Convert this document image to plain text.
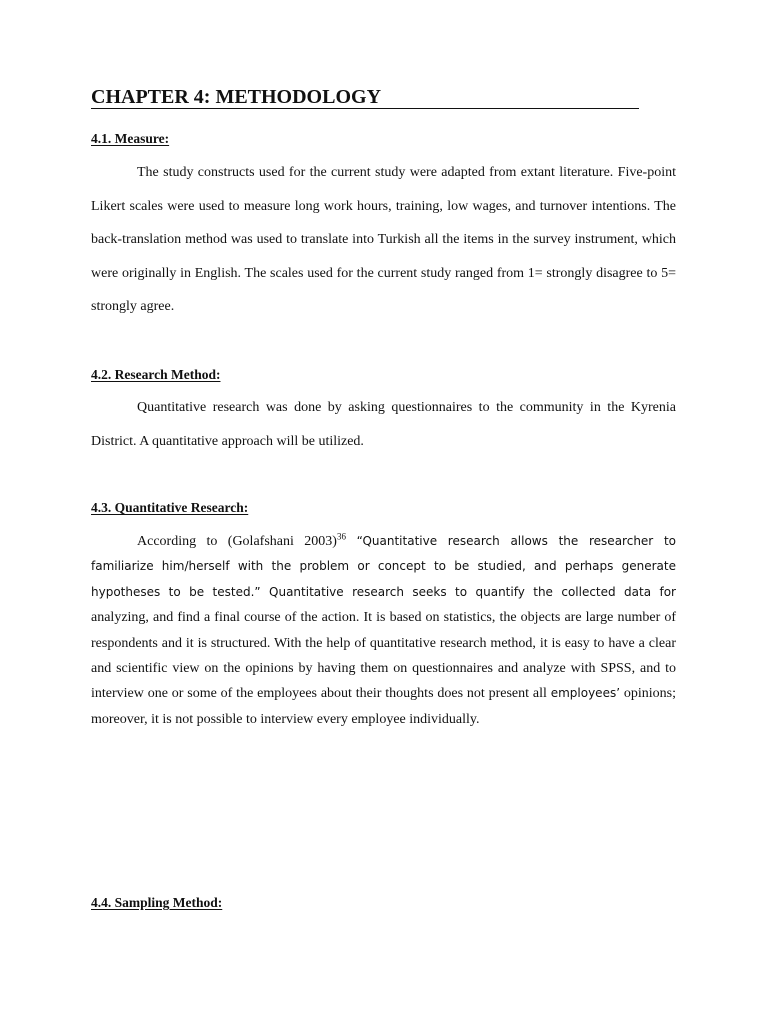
CHAPTER 4: METHODOLOGY
4.1. Measure:

The study constructs used for the current study were adapted from extant literature. Five-point Likert scales were used to measure long work hours, training, low wages, and turnover intentions. The back-translation method was used to translate into Turkish all the items in the survey instrument, which were originally in English. The scales used for the current study ranged from 1= strongly disagree to 5= strongly agree.

4.2. Research Method:

Quantitative research was done by asking questionnaires to the community in the Kyrenia District. A quantitative approach will be utilized.

4.3. Quantitative Research:

According to (Golafshani 2003)$^{36}$ “Quantitative research allows the researcher to familiarize him/herself with the problem or concept to be studied, and perhaps generate hypotheses to be tested.” Quantitative research seeks to quantify the collected data for analyzing, and find a final course of the action. It is based on statistics, the objects are large number of respondents and it is structured. With the help of quantitative research method, it is easy to have a clear and scientific view on the opinions by having them on questionnaires and analyze with SPSS, and to interview one or some of the employees about their thoughts does not present all employees’ opinions; moreover, it is not possible to interview every employee individually.

4.4. Sampling Method:
